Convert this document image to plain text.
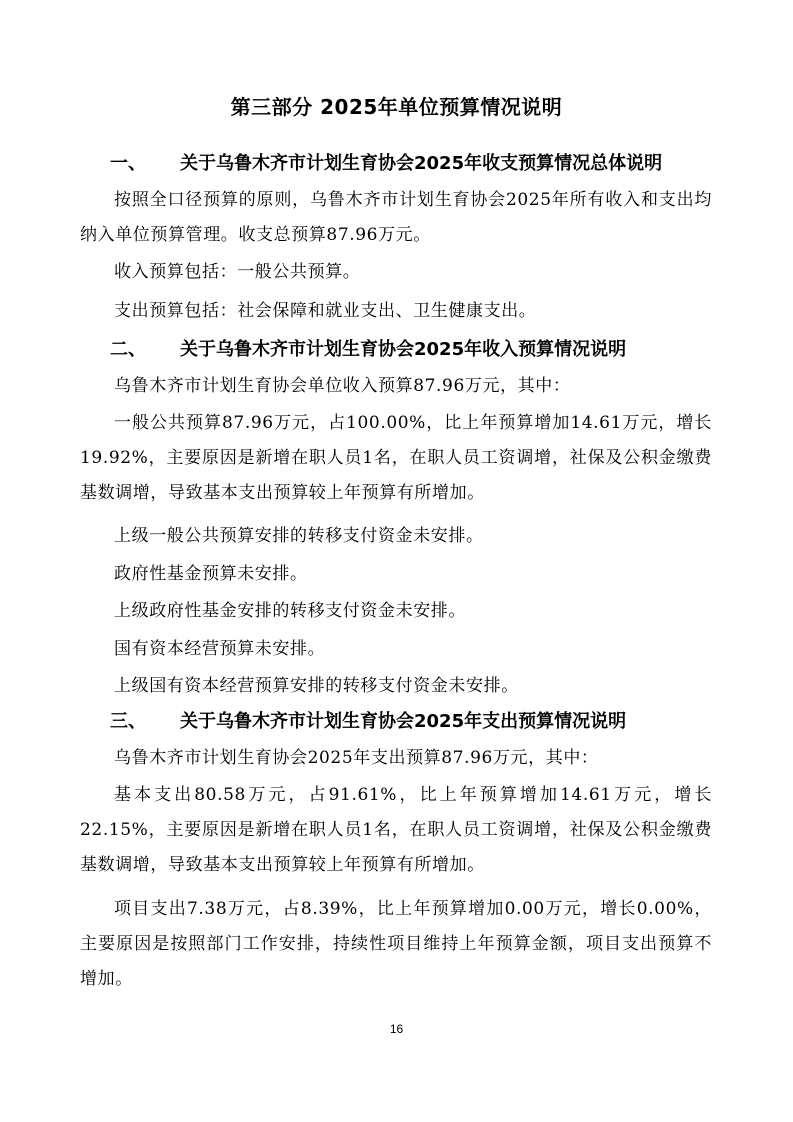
第三部分 2025年单位预算情况说明
一、 关于乌鲁木齐市计划生育协会2025年收支预算情况总体说明
按照全口径预算的原则，乌鲁木齐市计划生育协会2025年所有收入和支出均纳入单位预算管理。收支总预算87.96万元。
收入预算包括：一般公共预算。
支出预算包括：社会保障和就业支出、卫生健康支出。
二、 关于乌鲁木齐市计划生育协会2025年收入预算情况说明
乌鲁木齐市计划生育协会单位收入预算87.96万元，其中：
一般公共预算87.96万元，占100.00%，比上年预算增加14.61万元，增长19.92%，主要原因是新增在职人员1名，在职人员工资调增，社保及公积金缴费基数调增，导致基本支出预算较上年预算有所增加。
上级一般公共预算安排的转移支付资金未安排。
政府性基金预算未安排。
上级政府性基金安排的转移支付资金未安排。
国有资本经营预算未安排。
上级国有资本经营预算安排的转移支付资金未安排。
三、 关于乌鲁木齐市计划生育协会2025年支出预算情况说明
乌鲁木齐市计划生育协会2025年支出预算87.96万元，其中：
基本支出80.58万元，占91.61%，比上年预算增加14.61万元，增长22.15%，主要原因是新增在职人员1名，在职人员工资调增，社保及公积金缴费基数调增，导致基本支出预算较上年预算有所增加。
项目支出7.38万元，占8.39%，比上年预算增加0.00万元，增长0.00%，主要原因是按照部门工作安排，持续性项目维持上年预算金额，项目支出预算不增加。
16
